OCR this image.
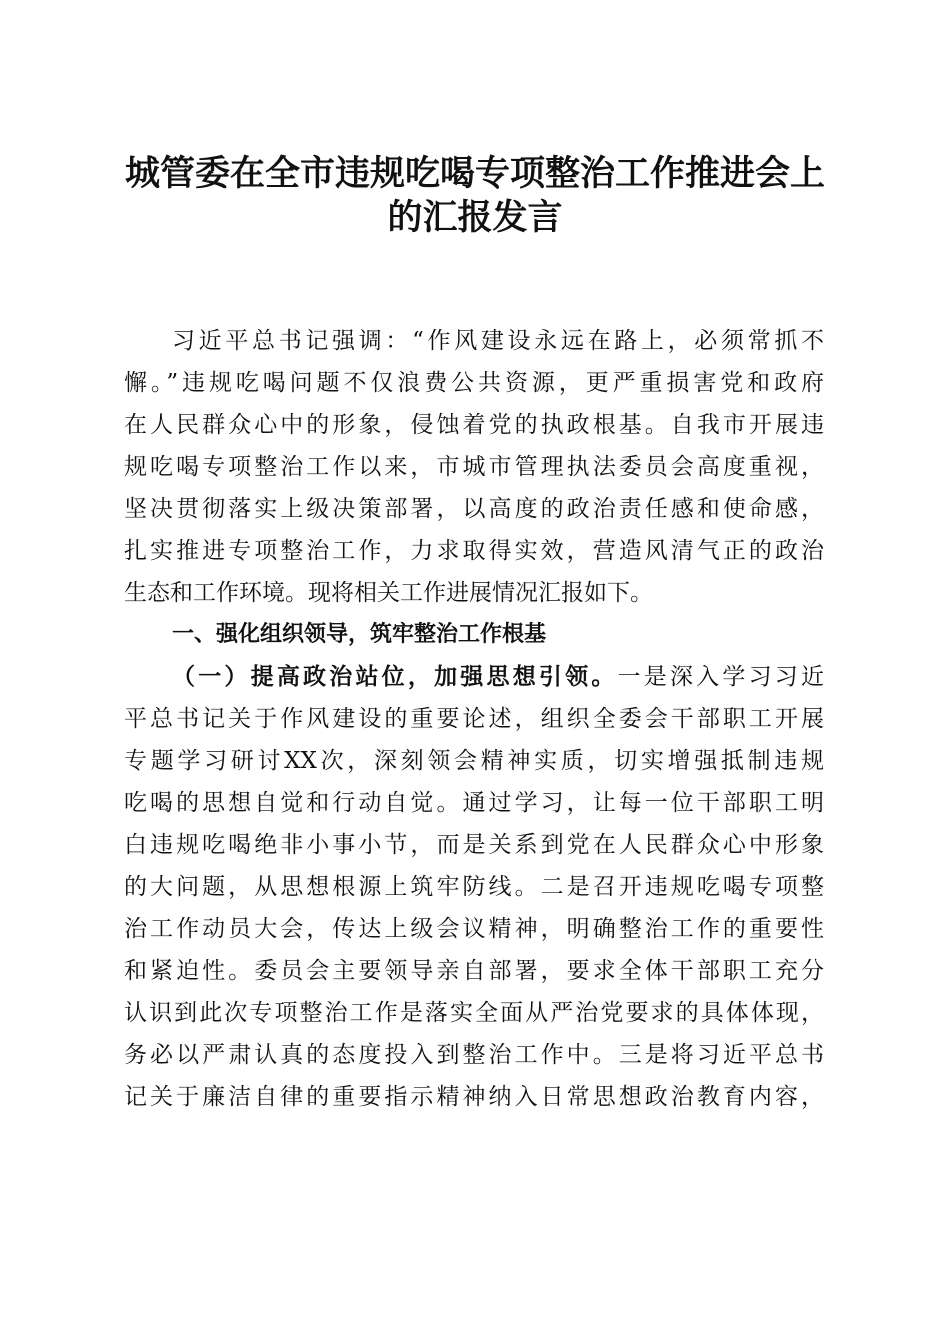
城管委在全市违规吃喝专项整治工作推进会上
的汇报发言
习近平总书记强调：“作风建设永远在路上，必须常抓不
懈。”违规吃喝问题不仅浪费公共资源，更严重损害党和政府
在人民群众心中的形象，侵蚀着党的执政根基。自我市开展违
规吃喝专项整治工作以来，市城市管理执法委员会高度重视，
坚决贯彻落实上级决策部署，以高度的政治责任感和使命感，
扎实推进专项整治工作，力求取得实效，营造风清气正的政治
生态和工作环境。现将相关工作进展情况汇报如下。
一、强化组织领导，筑牢整治工作根基
（一）提高政治站位，加强思想引领。一是深入学习习近
平总书记关于作风建设的重要论述，组织全委会干部职工开展
专题学习研讨XX次，深刻领会精神实质，切实增强抵制违规
吃喝的思想自觉和行动自觉。通过学习，让每一位干部职工明
白违规吃喝绝非小事小节，而是关系到党在人民群众心中形象
的大问题，从思想根源上筑牢防线。二是召开违规吃喝专项整
治工作动员大会，传达上级会议精神，明确整治工作的重要性
和紧迫性。委员会主要领导亲自部署，要求全体干部职工充分
认识到此次专项整治工作是落实全面从严治党要求的具体体现，
务必以严肃认真的态度投入到整治工作中。三是将习近平总书
记关于廉洁自律的重要指示精神纳入日常思想政治教育内容，
